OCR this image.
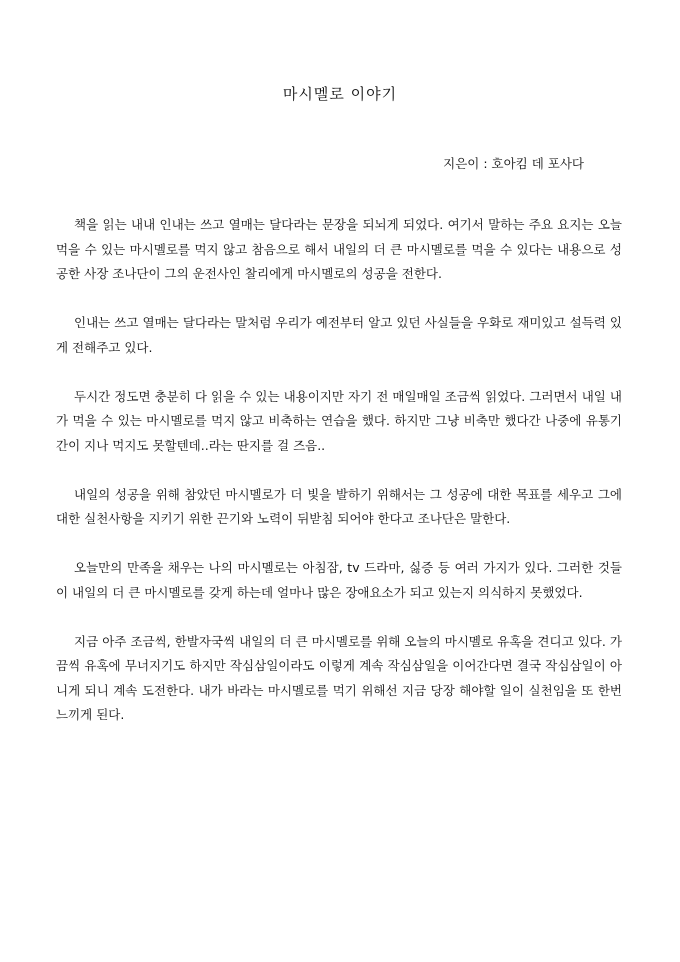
마시멜로 이야기
지은이 : 호아킴 데 포사다

책을 읽는 내내 인내는 쓰고 열매는 달다라는 문장을 되뇌게 되었다. 여기서 말하는 주요 요지는 오늘 먹을 수 있는 마시멜로를 먹지 않고 참음으로 해서 내일의 더 큰 마시멜로를 먹을 수 있다는 내용으로 성공한 사장 조나단이 그의 운전사인 찰리에게 마시멜로의 성공을 전한다.

인내는 쓰고 열매는 달다라는 말처럼 우리가 예전부터 알고 있던 사실들을 우화로 재미있고 설득력 있게 전해주고 있다.

두시간 정도면 충분히 다 읽을 수 있는 내용이지만 자기 전 매일매일 조금씩 읽었다. 그러면서 내일 내가 먹을 수 있는 마시멜로를 먹지 않고 비축하는 연습을 했다. 하지만 그냥 비축만 했다간 나중에 유통기간이 지나 먹지도 못할텐데..라는 딴지를 걸 즈음..

내일의 성공을 위해 참았던 마시멜로가 더 빛을 발하기 위해서는 그 성공에 대한 목표를 세우고 그에 대한 실천사항을 지키기 위한 끈기와 노력이 뒤받침 되어야 한다고 조나단은 말한다.

오늘만의 만족을 채우는 나의 마시멜로는 아침잠, tv 드라마, 싫증 등 여러 가지가 있다. 그러한 것들이 내일의 더 큰 마시멜로를 갖게 하는데 얼마나 많은 장애요소가 되고 있는지 의식하지 못했었다.

지금 아주 조금씩, 한발자국씩 내일의 더 큰 마시멜로를 위해 오늘의 마시멜로 유혹을 견디고 있다. 가끔씩 유혹에 무너지기도 하지만 작심삼일이라도 이렇게 계속 작심삼일을 이어간다면 결국 작심삼일이 아니게 되니 계속 도전한다. 내가 바라는 마시멜로를 먹기 위해선 지금 당장 해야할 일이 실천임을 또 한번 느끼게 된다.
